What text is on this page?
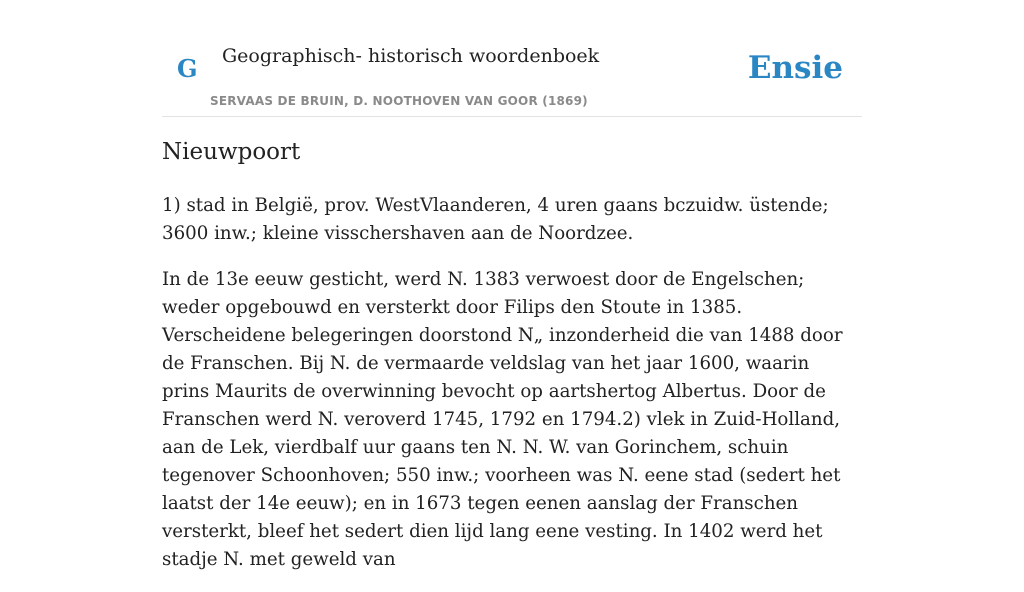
G Geographisch- historisch woordenboek
SERVAAS DE BRUIN, D. NOOTHOVEN VAN GOOR (1869)
Ensie
Nieuwpoort

1) stad in België, prov. WestVlaanderen, 4 uren gaans bczuidw. üstende; 3600 inw.; kleine visschershaven aan de Noordzee.

In de 13e eeuw gesticht, werd N. 1383 verwoest door de Engelschen; weder opgebouwd en versterkt door Filips den Stoute in 1385. Verscheidene belegeringen doorstond N„ inzonderheid die van 1488 door de Franschen. Bij N. de vermaarde veldslag van het jaar 1600, waarin prins Maurits de overwinning bevocht op aartshertog Albertus. Door de Franschen werd N. veroverd 1745, 1792 en 1794.2) vlek in Zuid-Holland, aan de Lek, vierdbalf uur gaans ten N. N. W. van Gorinchem, schuin tegenover Schoonhoven; 550 inw.; voorheen was N. eene stad (sedert het laatst der 14e eeuw); en in 1673 tegen eenen aanslag der Franschen versterkt, bleef het sedert dien lijd lang eene vesting. In 1402 werd het stadje N. met geweld van
